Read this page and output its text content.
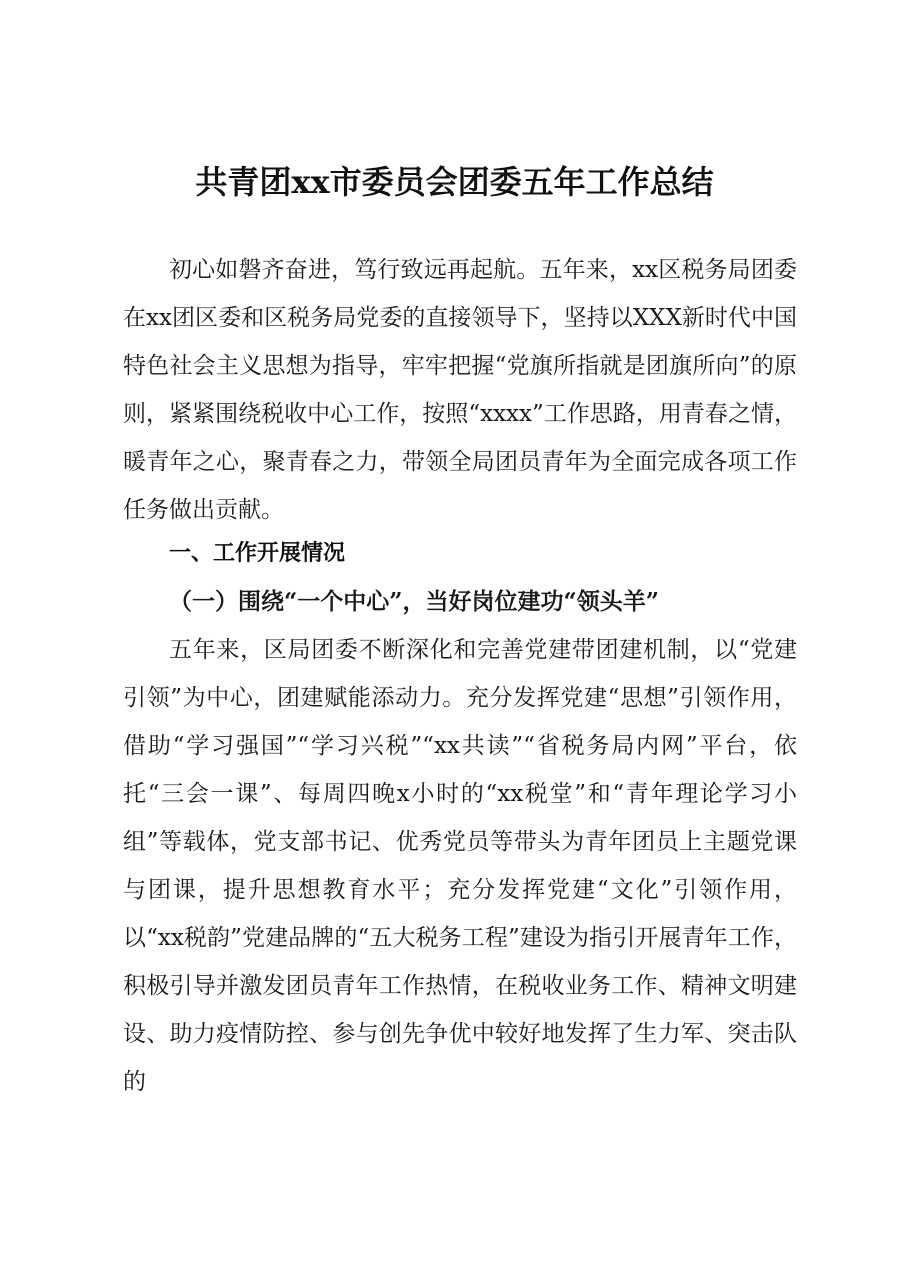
共青团xx市委员会团委五年工作总结

初心如磐齐奋进，笃行致远再起航。五年来，xx区税务局团委在xx团区委和区税务局党委的直接领导下，坚持以XXX新时代中国特色社会主义思想为指导，牢牢把握“党旗所指就是团旗所向”的原则，紧紧围绕税收中心工作，按照“xxxx”工作思路，用青春之情，暖青年之心，聚青春之力，带领全局团员青年为全面完成各项工作任务做出贡献。

一、工作开展情况
（一）围绕“一个中心”，当好岗位建功“领头羊”

五年来，区局团委不断深化和完善党建带团建机制，以“党建引领”为中心，团建赋能添动力。充分发挥党建“思想”引领作用，借助“学习强国”“学习兴税”“xx共读”“省税务局内网”平台，依托“三会一课”、每周四晚x小时的“xx税堂”和“青年理论学习小组”等载体，党支部书记、优秀党员等带头为青年团员上主题党课与团课，提升思想教育水平；充分发挥党建“文化”引领作用，以“xx税韵”党建品牌的“五大税务工程”建设为指引开展青年工作，积极引导并激发团员青年工作热情，在税收业务工作、精神文明建设、助力疫情防控、参与创先争优中较好地发挥了生力军、突击队的
